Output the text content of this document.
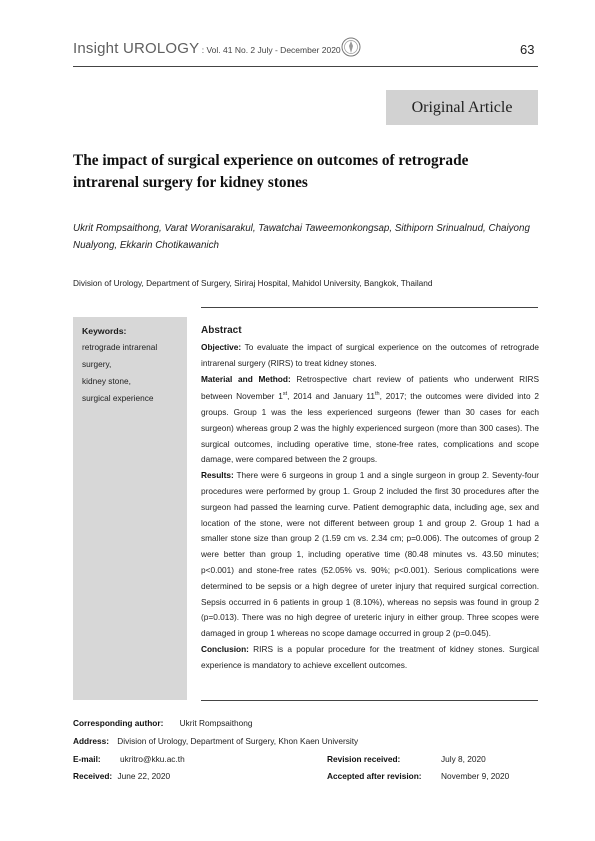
Insight UROLOGY : Vol. 41 No. 2 July - December 2020	63
Original Article
The impact of surgical experience on outcomes of retrograde intrarenal surgery for kidney stones
Ukrit Rompsaithong, Varat Woranisarakul, Tawatchai Taweemonkongsap, Sithiporn Srinualnud, Chaiyong Nualyong, Ekkarin Chotikawanich
Division of Urology, Department of Surgery, Siriraj Hospital, Mahidol University, Bangkok, Thailand
Keywords:
retrograde intrarenal
surgery,
kidney stone,
surgical experience
Abstract

Objective: To evaluate the impact of surgical experience on the outcomes of retrograde intrarenal surgery (RIRS) to treat kidney stones.

Material and Method: Retrospective chart review of patients who underwent RIRS between November 1st, 2014 and January 11th, 2017; the outcomes were divided into 2 groups. Group 1 was the less experienced surgeons (fewer than 30 cases for each surgeon) whereas group 2 was the highly experienced surgeon (more than 300 cases). The surgical outcomes, including operative time, stone-free rates, complications and scope damage, were compared between the 2 groups.

Results: There were 6 surgeons in group 1 and a single surgeon in group 2. Seventy-four procedures were performed by group 1. Group 2 included the first 30 procedures after the surgeon had passed the learning curve. Patient demographic data, including age, sex and location of the stone, were not different between group 1 and group 2. Group 1 had a smaller stone size than group 2 (1.59 cm vs. 2.34 cm; p=0.006). The outcomes of group 2 were better than group 1, including operative time (80.48 minutes vs. 43.50 minutes; p<0.001) and stone-free rates (52.05% vs. 90%; p<0.001). Serious complications were determined to be sepsis or a high degree of ureter injury that required surgical correction. Sepsis occurred in 6 patients in group 1 (8.10%), whereas no sepsis was found in group 2 (p=0.013). There was no high degree of ureteric injury in either group. Three scopes were damaged in group 1 whereas no scope damage occurred in group 2 (p=0.045).

Conclusion: RIRS is a popular procedure for the treatment of kidney stones. Surgical experience is mandatory to achieve excellent outcomes.

Corresponding author: Ukrit Rompsaithong
Address: Division of Urology, Department of Surgery, Khon Kaen University
E-mail: ukritro@kku.ac.th
Received: June 22, 2020
Revision received:	July 8, 2020
Accepted after revision: November 9, 2020
